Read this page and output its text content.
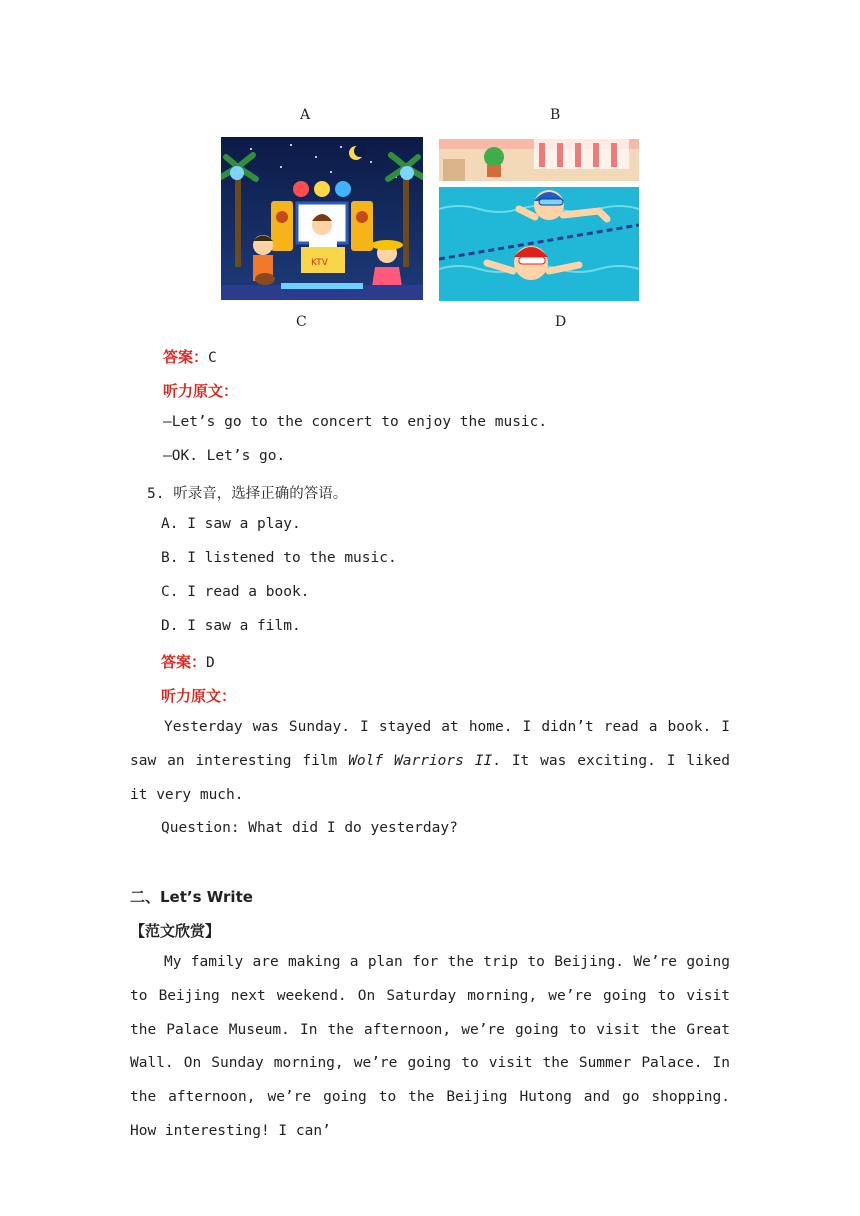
A	B
KTV
C	D
答案：C
听力原文：
—Let’s go to the concert to enjoy the music.
—OK. Let’s go.
5. 听录音，选择正确的答语。
A. I saw a play.
B. I listened to the music.
C. I read a book.
D. I saw a film.
答案：D
听力原文：
Yesterday was Sunday. I stayed at home. I didn’t read a book. I saw an interesting film Wolf Warriors II. It was exciting. I liked it very much.
Question: What did I do yesterday?
二、Let’s Write
【范文欣赏】
My family are making a plan for the trip to Beijing. We’re going to Beijing next weekend. On Saturday morning, we’re going to visit the Palace Museum. In the afternoon, we’re going to visit the Great Wall. On Sunday morning, we’re going to visit the Summer Palace. In the afternoon, we’re going to the Beijing Hutong and go shopping. How interesting! I can’
